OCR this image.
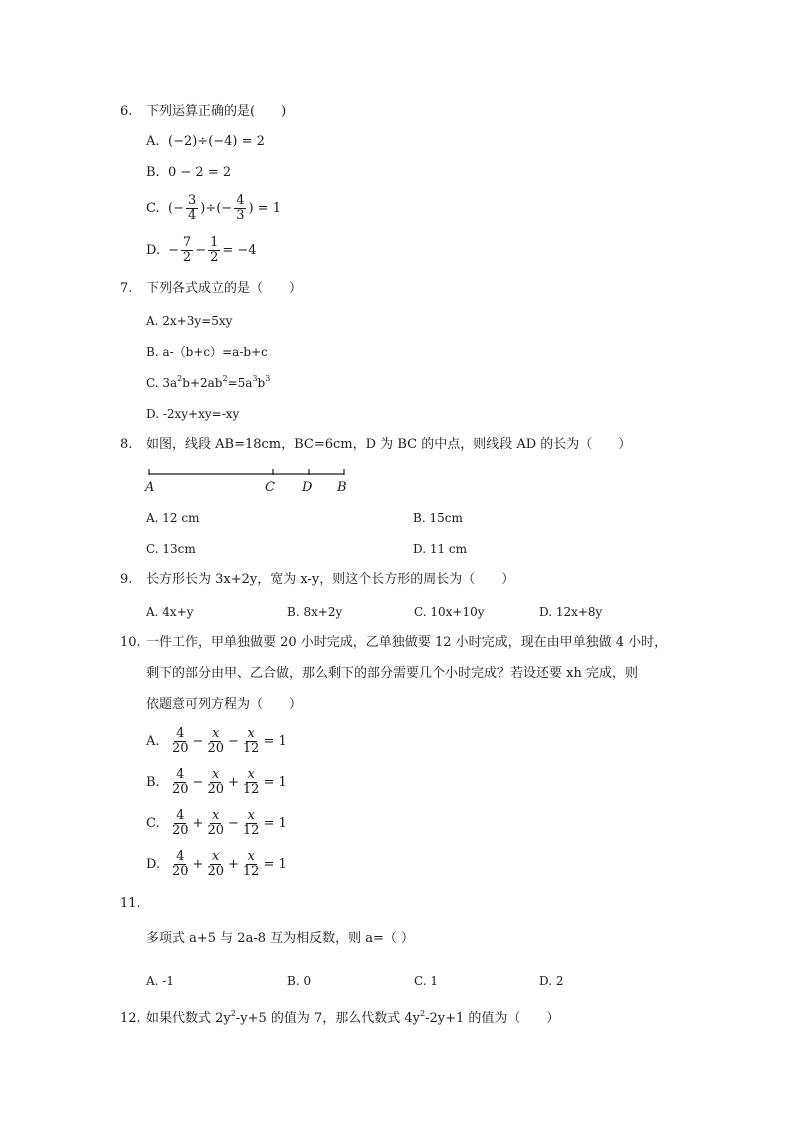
6. 下列运算正确的是(　　)
A. (−2)÷(−4) = 2
B. 0 − 2 = 2
C. (− $\frac{3}{4}$ )÷(− $\frac{4}{3}$ ) = 1
D. − $\frac{7}{2} - \frac{1}{2} = -4$
7. 下列各式成立的是（　　）
A. 2x+3y=5xy
B. a-（b+c）=a-b+c
C. $3a^2b+2ab^2=5a^3b^3$
D. -2xy+xy=-xy
8. 如图，线段 AB=18cm，BC=6cm，D 为 BC 的中点，则线段 AD 的长为（　　）
A	C D B
A. 12 cm	B. 15cm
C. 13cm	D. 11 cm
9. 长方形长为 3x+2y，宽为 x-y，则这个长方形的周长为（　　）
A. 4x+y	B. 8x+2y	C. 10x+10y	D. 12x+8y
10. 一件工作，甲单独做要 20 小时完成，乙单独做要 12 小时完成，现在由甲单独做 4 小时，
剩下的部分由甲、乙合做，那么剩下的部分需要几个小时完成？若设还要 xh 完成，则
依题意可列方程为（　　）
A. $\frac{4}{20} - \frac{x}{20} - \frac{x}{12} = 1$
B. $\frac{4}{20} - \frac{x}{20} + \frac{x}{12} = 1$
C. $\frac{4}{20} + \frac{x}{20} - \frac{x}{12} = 1$
D. $\frac{4}{20} + \frac{x}{20} + \frac{x}{12} = 1$
11.
多项式 a+5 与 2a-8 互为相反数，则 a=（ ）
A. -1	B. 0	C. 1	D. 2
12. 如果代数式 $2y^2-y+5$ 的值为 7，那么代数式 $4y^2-2y+1$ 的值为（　　）
